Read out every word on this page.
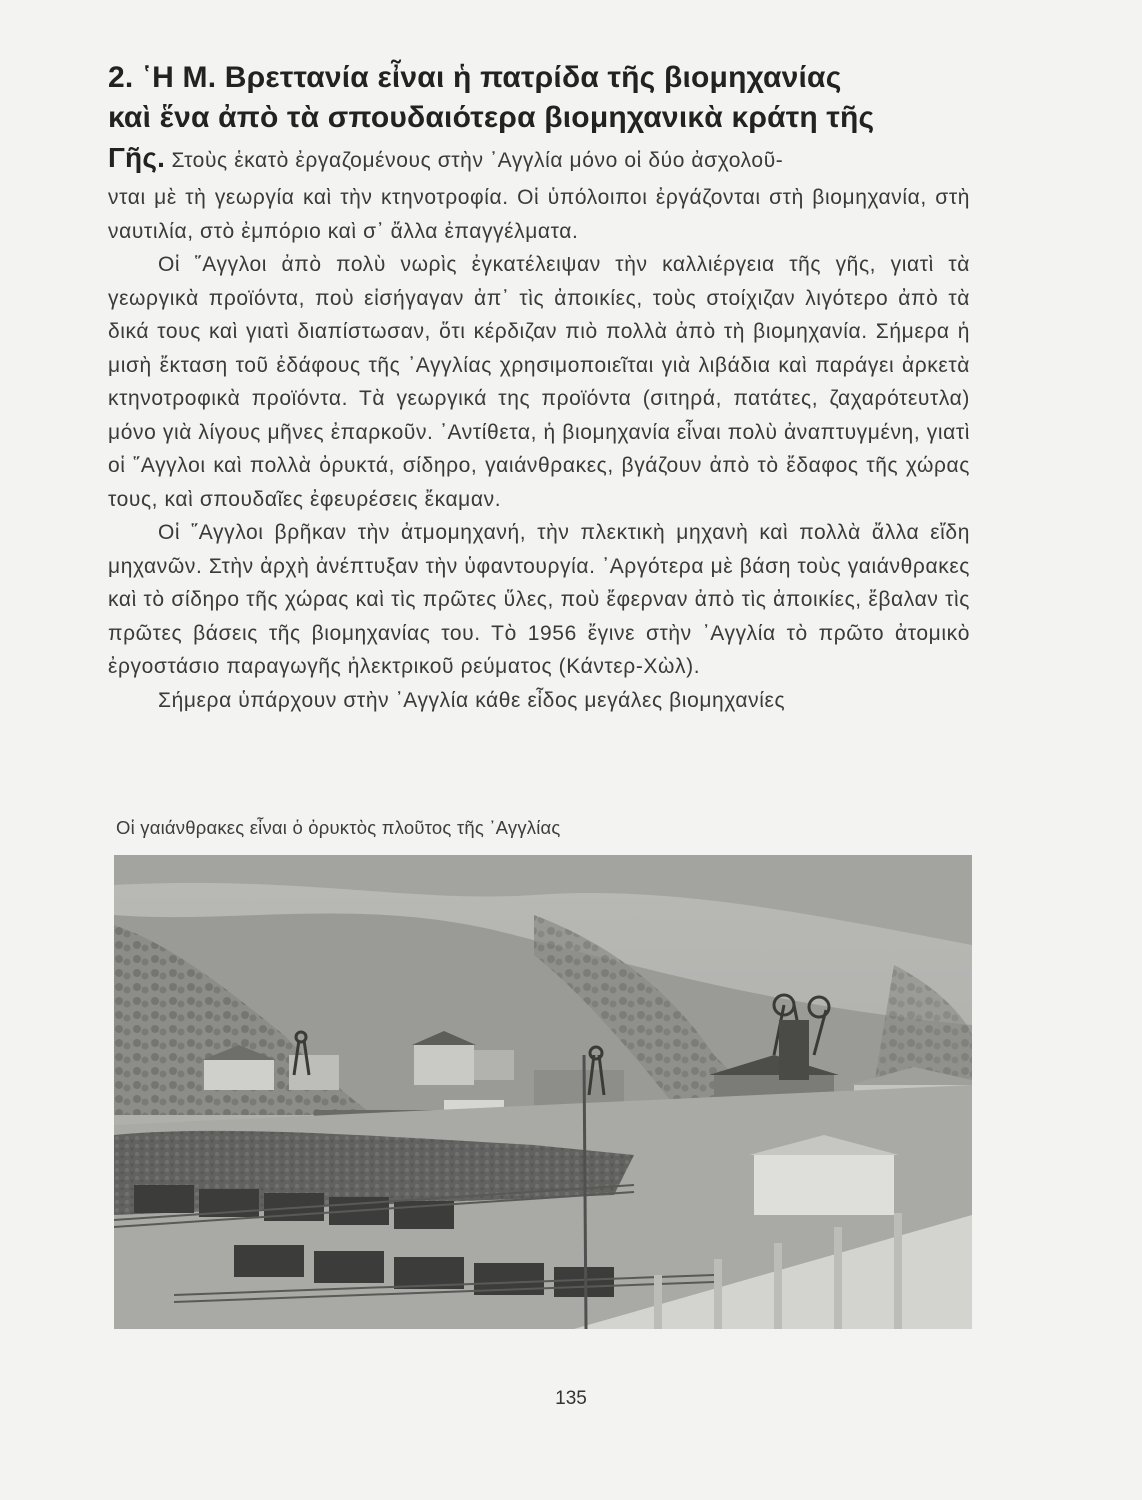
2. ῾Η Μ. Βρεττανία εἶναι ἡ πατρίδα τῆς βιομηχανίας
καὶ ἕνα ἀπὸ τὰ σπουδαιότερα βιομηχανικὰ κράτη τῆς
Γῆς. Στοὺς ἑκατὸ ἐργαζομένους στὴν ᾿Αγγλία μόνο οἱ δύο ἀσχολοῦ-

νται μὲ τὴ γεωργία καὶ τὴν κτηνοτροφία. Οἱ ὑπόλοιποι ἐργάζονται στὴ βιομηχανία, στὴ ναυτιλία, στὸ ἐμπόριο καὶ σ᾿ ἄλλα ἐπαγγέλματα.

Οἱ ῞Αγγλοι ἀπὸ πολὺ νωρὶς ἐγκατέλειψαν τὴν καλλιέργεια τῆς γῆς, γιατὶ τὰ γεωργικὰ προϊόντα, ποὺ εἰσήγαγαν ἀπ᾿ τὶς ἀποικίες, τοὺς στοίχιζαν λιγότερο ἀπὸ τὰ δικά τους καὶ γιατὶ διαπίστωσαν, ὅτι κέρδιζαν πιὸ πολλὰ ἀπὸ τὴ βιομηχανία. Σήμερα ἡ μισὴ ἔκταση τοῦ ἐδάφους τῆς ᾿Αγγλίας χρησιμοποιεῖται γιὰ λιβάδια καὶ παράγει ἀρκετὰ κτηνοτροφικὰ προϊόντα. Τὰ γεωργικά της προϊόντα (σιτηρά, πατάτες, ζαχαρότευτλα) μόνο γιὰ λίγους μῆνες ἐπαρκοῦν. ᾿Αντίθετα, ἡ βιομηχανία εἶναι πολὺ ἀναπτυγμένη, γιατὶ οἱ ῞Αγγλοι καὶ πολλὰ ὀρυκτά, σίδηρο, γαιάνθρακες, βγάζουν ἀπὸ τὸ ἔδαφος τῆς χώρας τους, καὶ σπουδαῖες ἐφευρέσεις ἔκαμαν.

Οἱ ῞Αγγλοι βρῆκαν τὴν ἀτμομηχανή, τὴν πλεκτικὴ μηχανὴ καὶ πολλὰ ἄλλα εἴδη μηχανῶν. Στὴν ἀρχὴ ἀνέπτυξαν τὴν ὑφαντουργία. ᾿Αργότερα μὲ βάση τοὺς γαιάνθρακες καὶ τὸ σίδηρο τῆς χώρας καὶ τὶς πρῶτες ὕλες, ποὺ ἔφερναν ἀπὸ τὶς ἀποικίες, ἔβαλαν τὶς πρῶτες βάσεις τῆς βιομηχανίας του. Τὸ 1956 ἔγινε στὴν ᾿Αγγλία τὸ πρῶτο ἀτομικὸ ἐργοστάσιο παραγωγῆς ἠλεκτρικοῦ ρεύματος (Κάντερ-Χὼλ).

Σήμερα ὑπάρχουν στὴν ᾿Αγγλία κάθε εἶδος μεγάλες βιομηχανίες

Οἱ γαιάνθρακες εἶναι ὁ ὀρυκτὸς πλοῦτος τῆς ᾿Αγγλίας
135
